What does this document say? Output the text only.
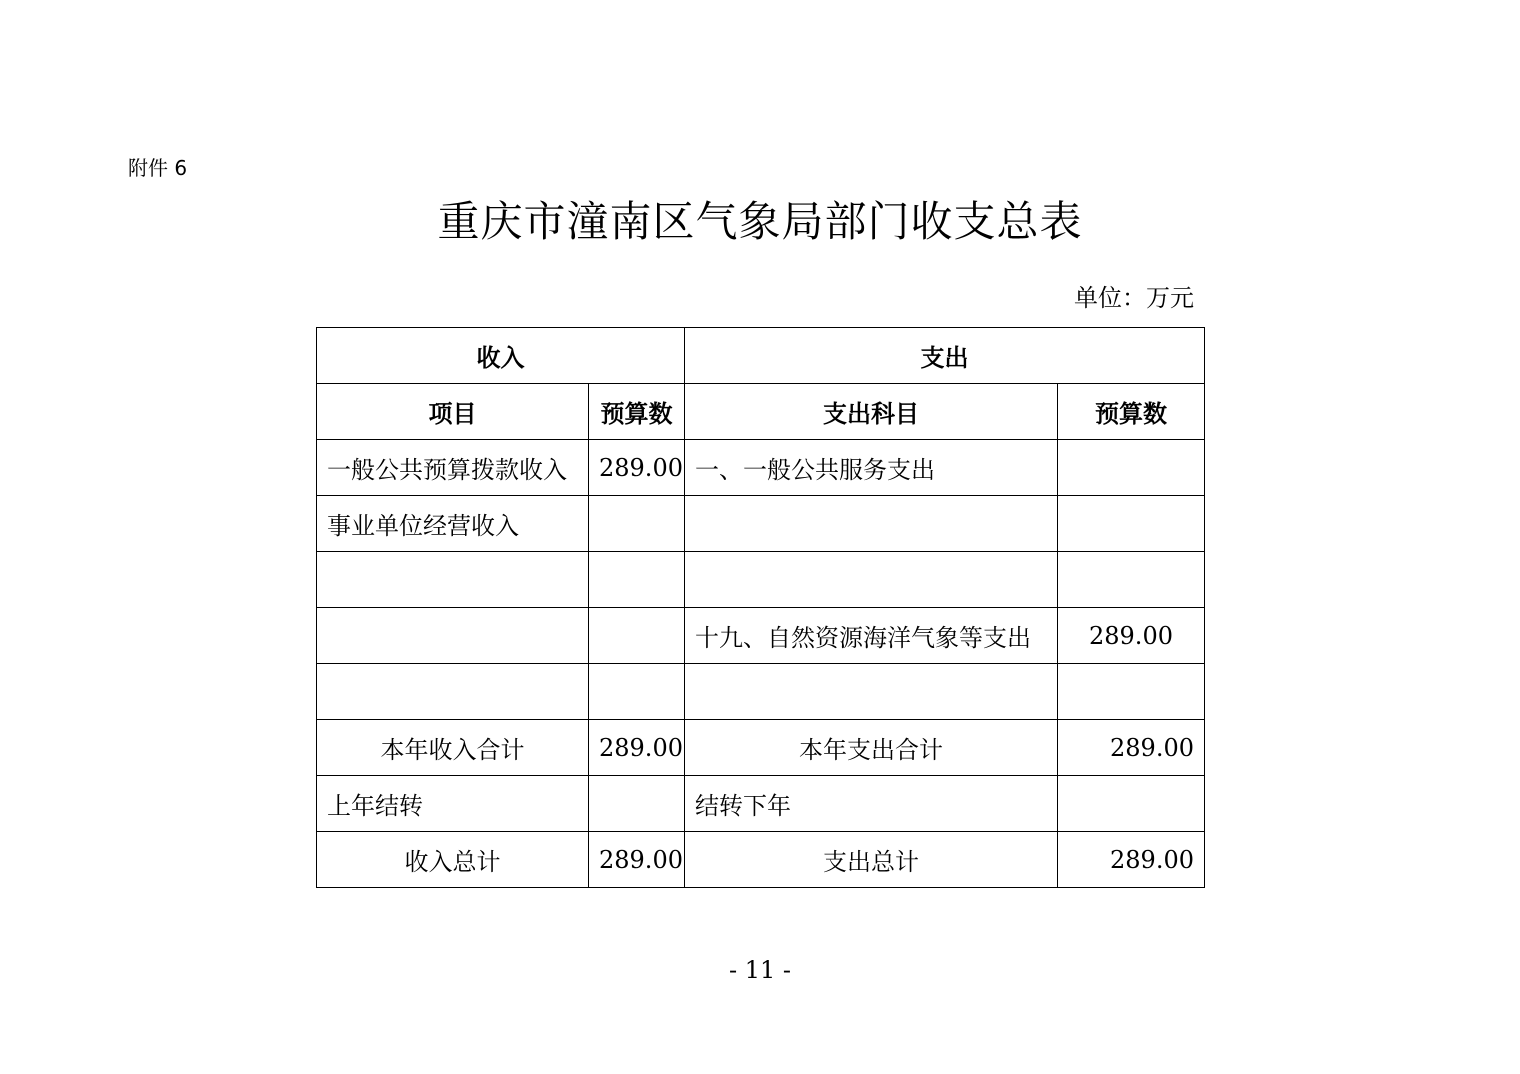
附件 6
重庆市潼南区气象局部门收支总表
单位：万元
收入		支出	
项目	预算数	支出科目	预算数
一般公共预算拨款收入	289.00	一、一般公共服务支出	
事业单位经营收入			

		十九、自然资源海洋气象等支出	289.00

本年收入合计	289.00	本年支出合计	289.00
上年结转		结转下年	
收入总计	289.00	支出总计	289.00
- 11 -
